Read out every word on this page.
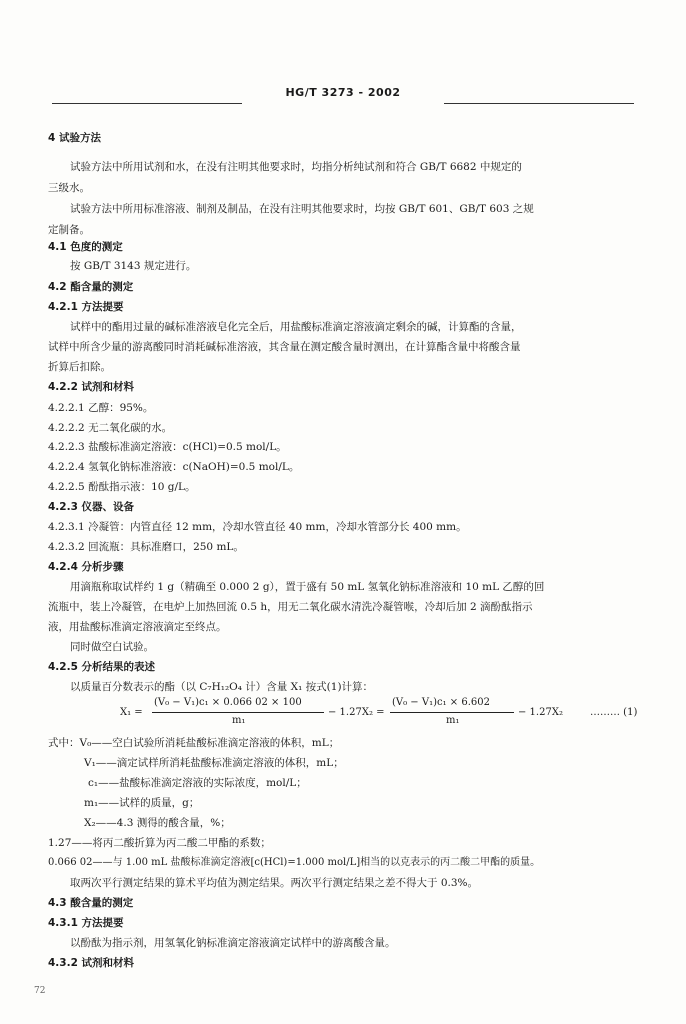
HG/T 3273 - 2002
4 试验方法
试验方法中所用试剂和水，在没有注明其他要求时，均指分析纯试剂和符合 GB/T 6682 中规定的
三级水。
试验方法中所用标准溶液、制剂及制品，在没有注明其他要求时，均按 GB/T 601、GB/T 603 之规
定制备。
4.1 色度的测定
按 GB/T 3143 规定进行。
4.2 酯含量的测定
4.2.1 方法提要
试样中的酯用过量的碱标准溶液皂化完全后，用盐酸标准滴定溶液滴定剩余的碱，计算酯的含量，
试样中所含少量的游离酸同时消耗碱标准溶液，其含量在测定酸含量时测出，在计算酯含量中将酸含量
折算后扣除。
4.2.2 试剂和材料
4.2.2.1 乙醇：95%。
4.2.2.2 无二氧化碳的水。
4.2.2.3 盐酸标准滴定溶液：c(HCl)=0.5 mol/L。
4.2.2.4 氢氧化钠标准溶液：c(NaOH)=0.5 mol/L。
4.2.2.5 酚酞指示液：10 g/L。
4.2.3 仪器、设备
4.2.3.1 冷凝管：内管直径 12 mm，冷却水管直径 40 mm，冷却水管部分长 400 mm。
4.2.3.2 回流瓶：具标准磨口，250 mL。
4.2.4 分析步骤
用滴瓶称取试样约 1 g（精确至 0.000 2 g），置于盛有 50 mL 氢氧化钠标准溶液和 10 mL 乙醇的回
流瓶中，装上冷凝管，在电炉上加热回流 0.5 h，用无二氧化碳水清洗冷凝管喉，冷却后加 2 滴酚酞指示
液，用盐酸标准滴定溶液滴定至终点。
同时做空白试验。
4.2.5 分析结果的表述
以质量百分数表示的酯（以 C₇H₁₂O₄ 计）含量 X₁ 按式(1)计算：
X₁ =
(V₀ − V₁)c₁ × 0.066 02 × 100
m₁
− 1.27X₂ =
(V₀ − V₁)c₁ × 6.602
m₁
− 1.27X₂	……… (1)
式中：V₀——空白试验所消耗盐酸标准滴定溶液的体积，mL；
V₁——滴定试样所消耗盐酸标准滴定溶液的体积，mL；
c₁——盐酸标准滴定溶液的实际浓度，mol/L；
m₁——试样的质量，g；
X₂——4.3 测得的酸含量，%；
1.27——将丙二酸折算为丙二酸二甲酯的系数；
0.066 02——与 1.00 mL 盐酸标准滴定溶液[c(HCl)=1.000 mol/L]相当的以克表示的丙二酸二甲酯的质量。
取两次平行测定结果的算术平均值为测定结果。两次平行测定结果之差不得大于 0.3%。
4.3 酸含量的测定
4.3.1 方法提要
以酚酞为指示剂，用氢氧化钠标准滴定溶液滴定试样中的游离酸含量。
4.3.2 试剂和材料
72
